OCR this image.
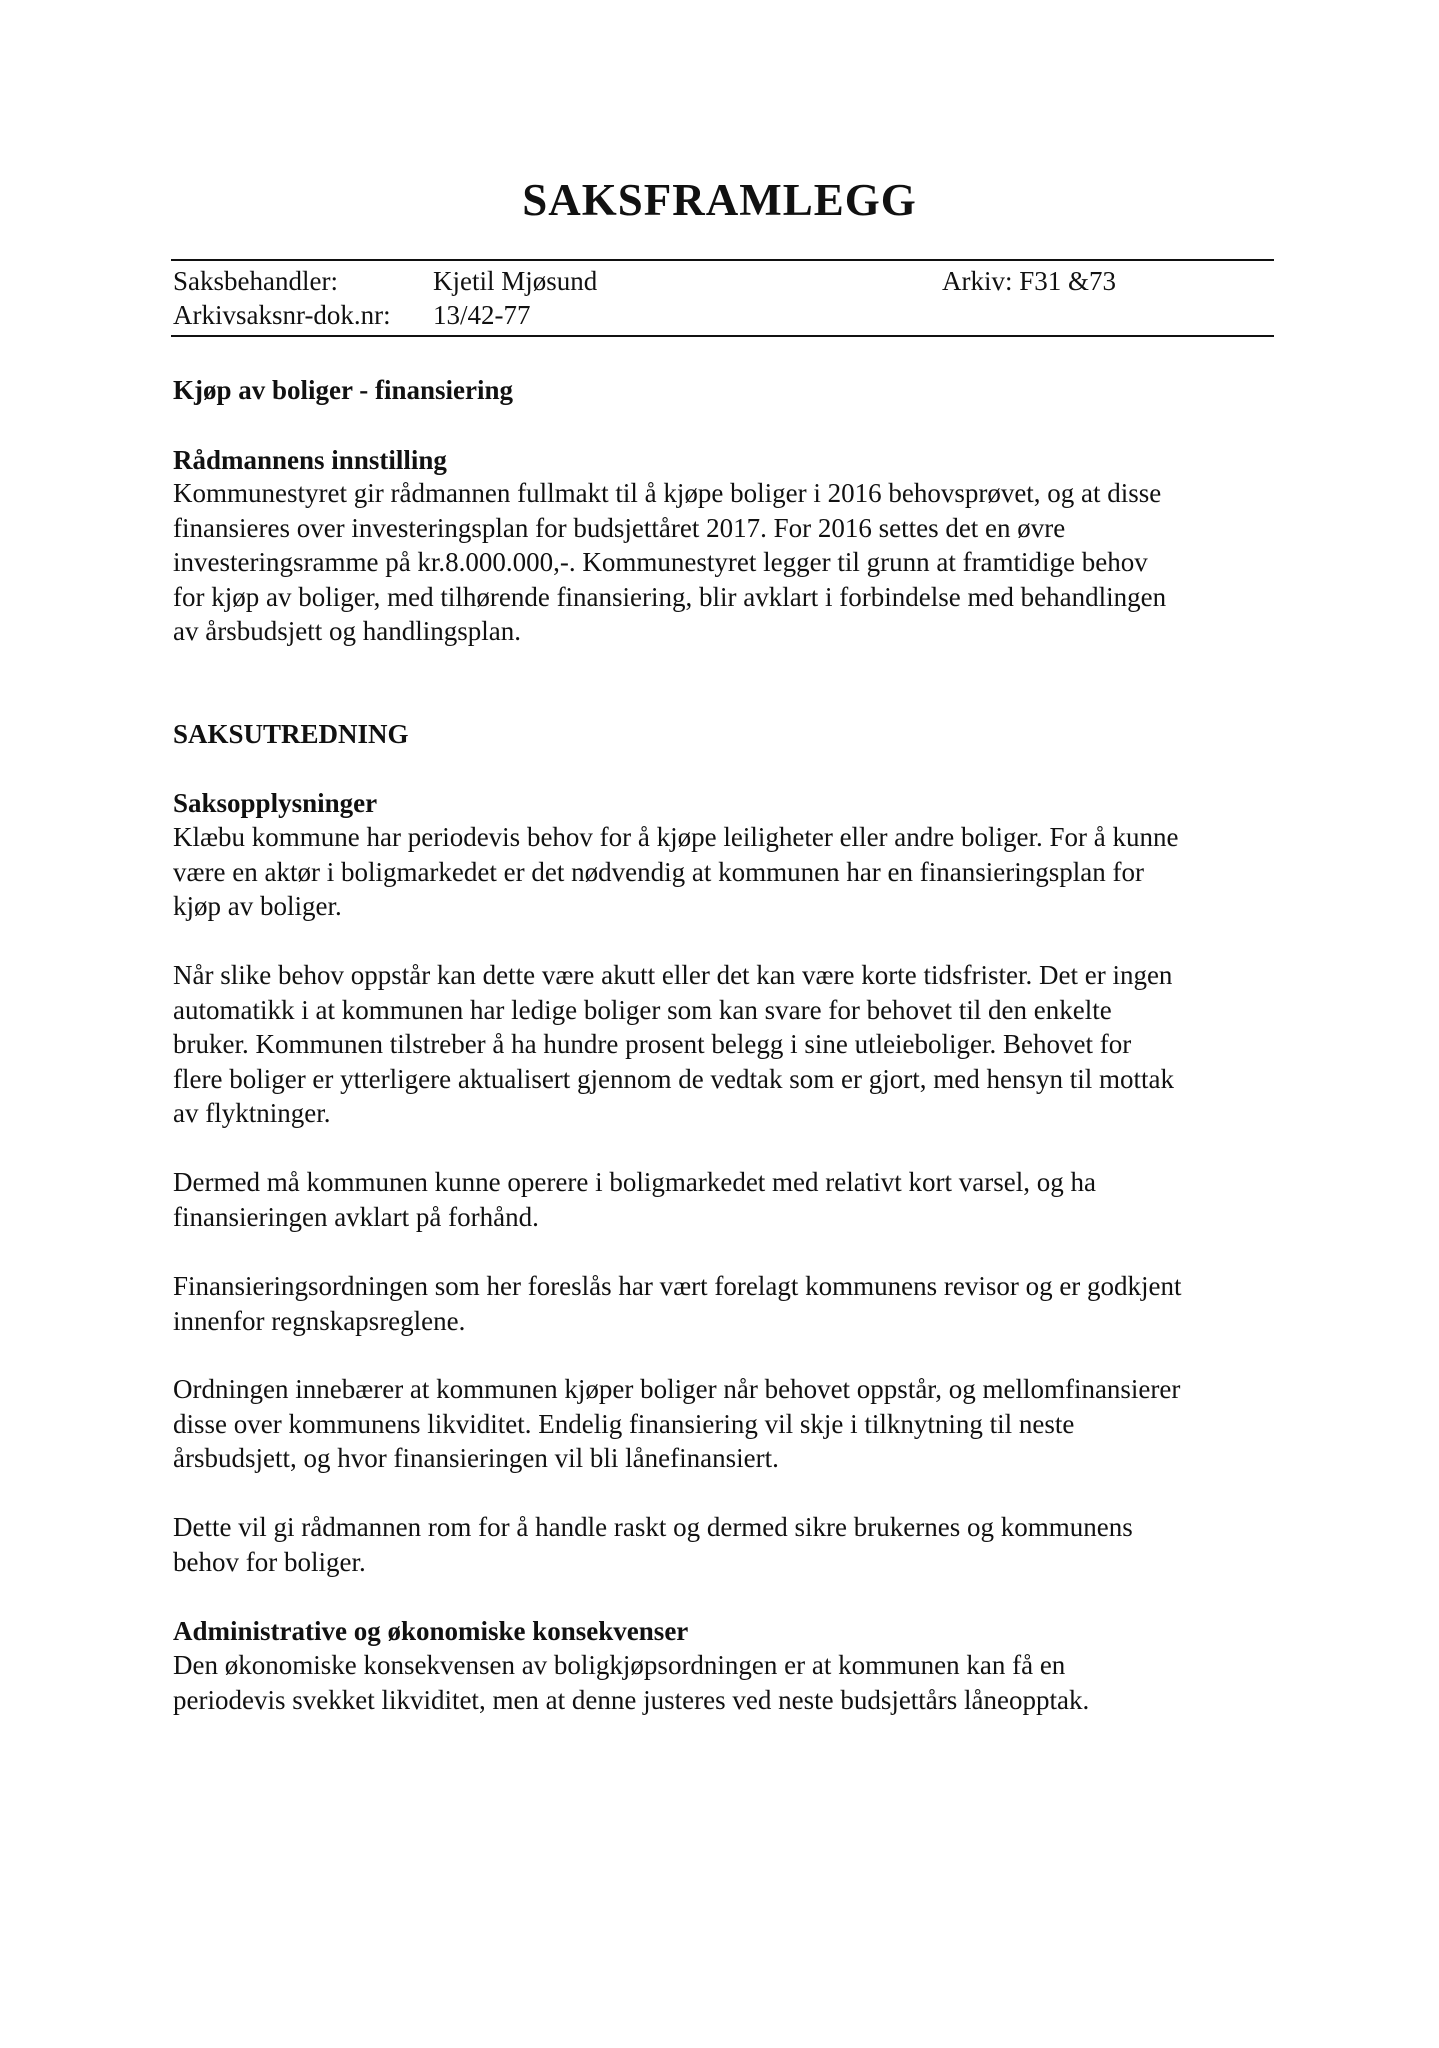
SAKSFRAMLEGG
Saksbehandler:	Kjetil Mjøsund	Arkiv: F31 &73
Arkivsaksnr-dok.nr: 13/42-77
Kjøp av boliger - finansiering
Rådmannens innstilling
Kommunestyret gir rådmannen fullmakt til å kjøpe boliger i 2016 behovsprøvet, og at disse
finansieres over investeringsplan for budsjettåret 2017. For 2016 settes det en øvre
investeringsramme på kr.8.000.000,-. Kommunestyret legger til grunn at framtidige behov
for kjøp av boliger, med tilhørende finansiering, blir avklart i forbindelse med behandlingen
av årsbudsjett og handlingsplan.
SAKSUTREDNING
Saksopplysninger
Klæbu kommune har periodevis behov for å kjøpe leiligheter eller andre boliger. For å kunne
være en aktør i boligmarkedet er det nødvendig at kommunen har en finansieringsplan for
kjøp av boliger.
Når slike behov oppstår kan dette være akutt eller det kan være korte tidsfrister. Det er ingen
automatikk i at kommunen har ledige boliger som kan svare for behovet til den enkelte
bruker. Kommunen tilstreber å ha hundre prosent belegg i sine utleieboliger. Behovet for
flere boliger er ytterligere aktualisert gjennom de vedtak som er gjort, med hensyn til mottak
av flyktninger.
Dermed må kommunen kunne operere i boligmarkedet med relativt kort varsel, og ha
finansieringen avklart på forhånd.
Finansieringsordningen som her foreslås har vært forelagt kommunens revisor og er godkjent
innenfor regnskapsreglene.
Ordningen innebærer at kommunen kjøper boliger når behovet oppstår, og mellomfinansierer
disse over kommunens likviditet. Endelig finansiering vil skje i tilknytning til neste
årsbudsjett, og hvor finansieringen vil bli lånefinansiert.
Dette vil gi rådmannen rom for å handle raskt og dermed sikre brukernes og kommunens
behov for boliger.
Administrative og økonomiske konsekvenser
Den økonomiske konsekvensen av boligkjøpsordningen er at kommunen kan få en
periodevis svekket likviditet, men at denne justeres ved neste budsjettårs låneopptak.
